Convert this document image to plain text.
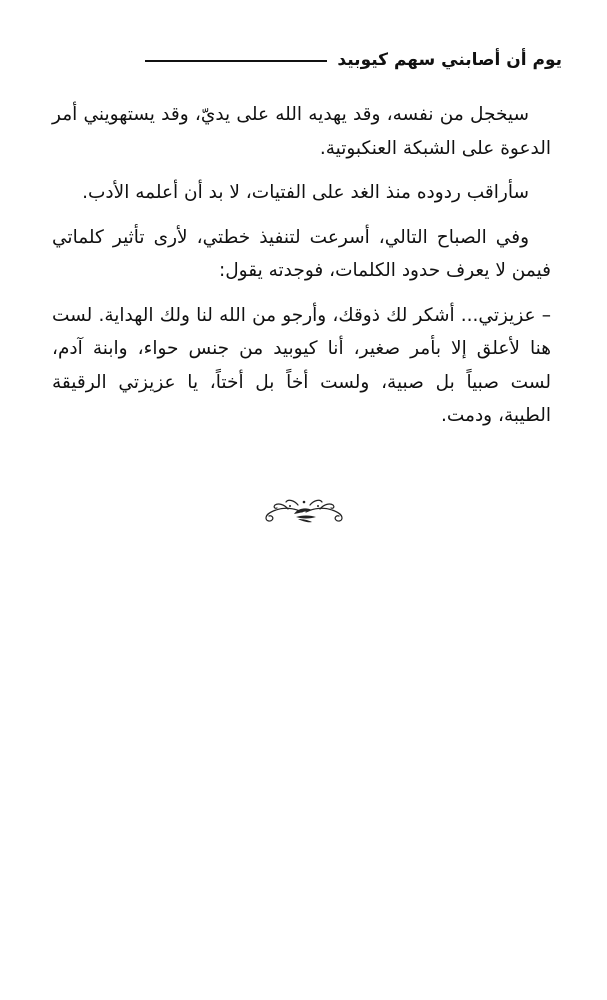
يوم أن أصابني سهم كيوبيد

سيخجل من نفسه، وقد يهديه الله على يديّ، وقد يستهويني أمر الدعوة على الشبكة العنكبوتية.

سأراقب ردوده منذ الغد على الفتيات، لا بد أن أعلمه الأدب.

وفي الصباح التالي، أسرعت لتنفيذ خطتي، لأرى تأثير كلماتي فيمن لا يعرف حدود الكلمات، فوجدته يقول:

– عزيزتي... أشكر لك ذوقك، وأرجو من الله لنا ولك الهداية. لست هنا لأعلق إلا بأمر صغير، أنا كيوبيد من جنس حواء، وابنة آدم، لست صبياً بل صبية، ولست أخاً بل أختاً، يا عزيزتي الرقيقة الطيبة، ودمت.
